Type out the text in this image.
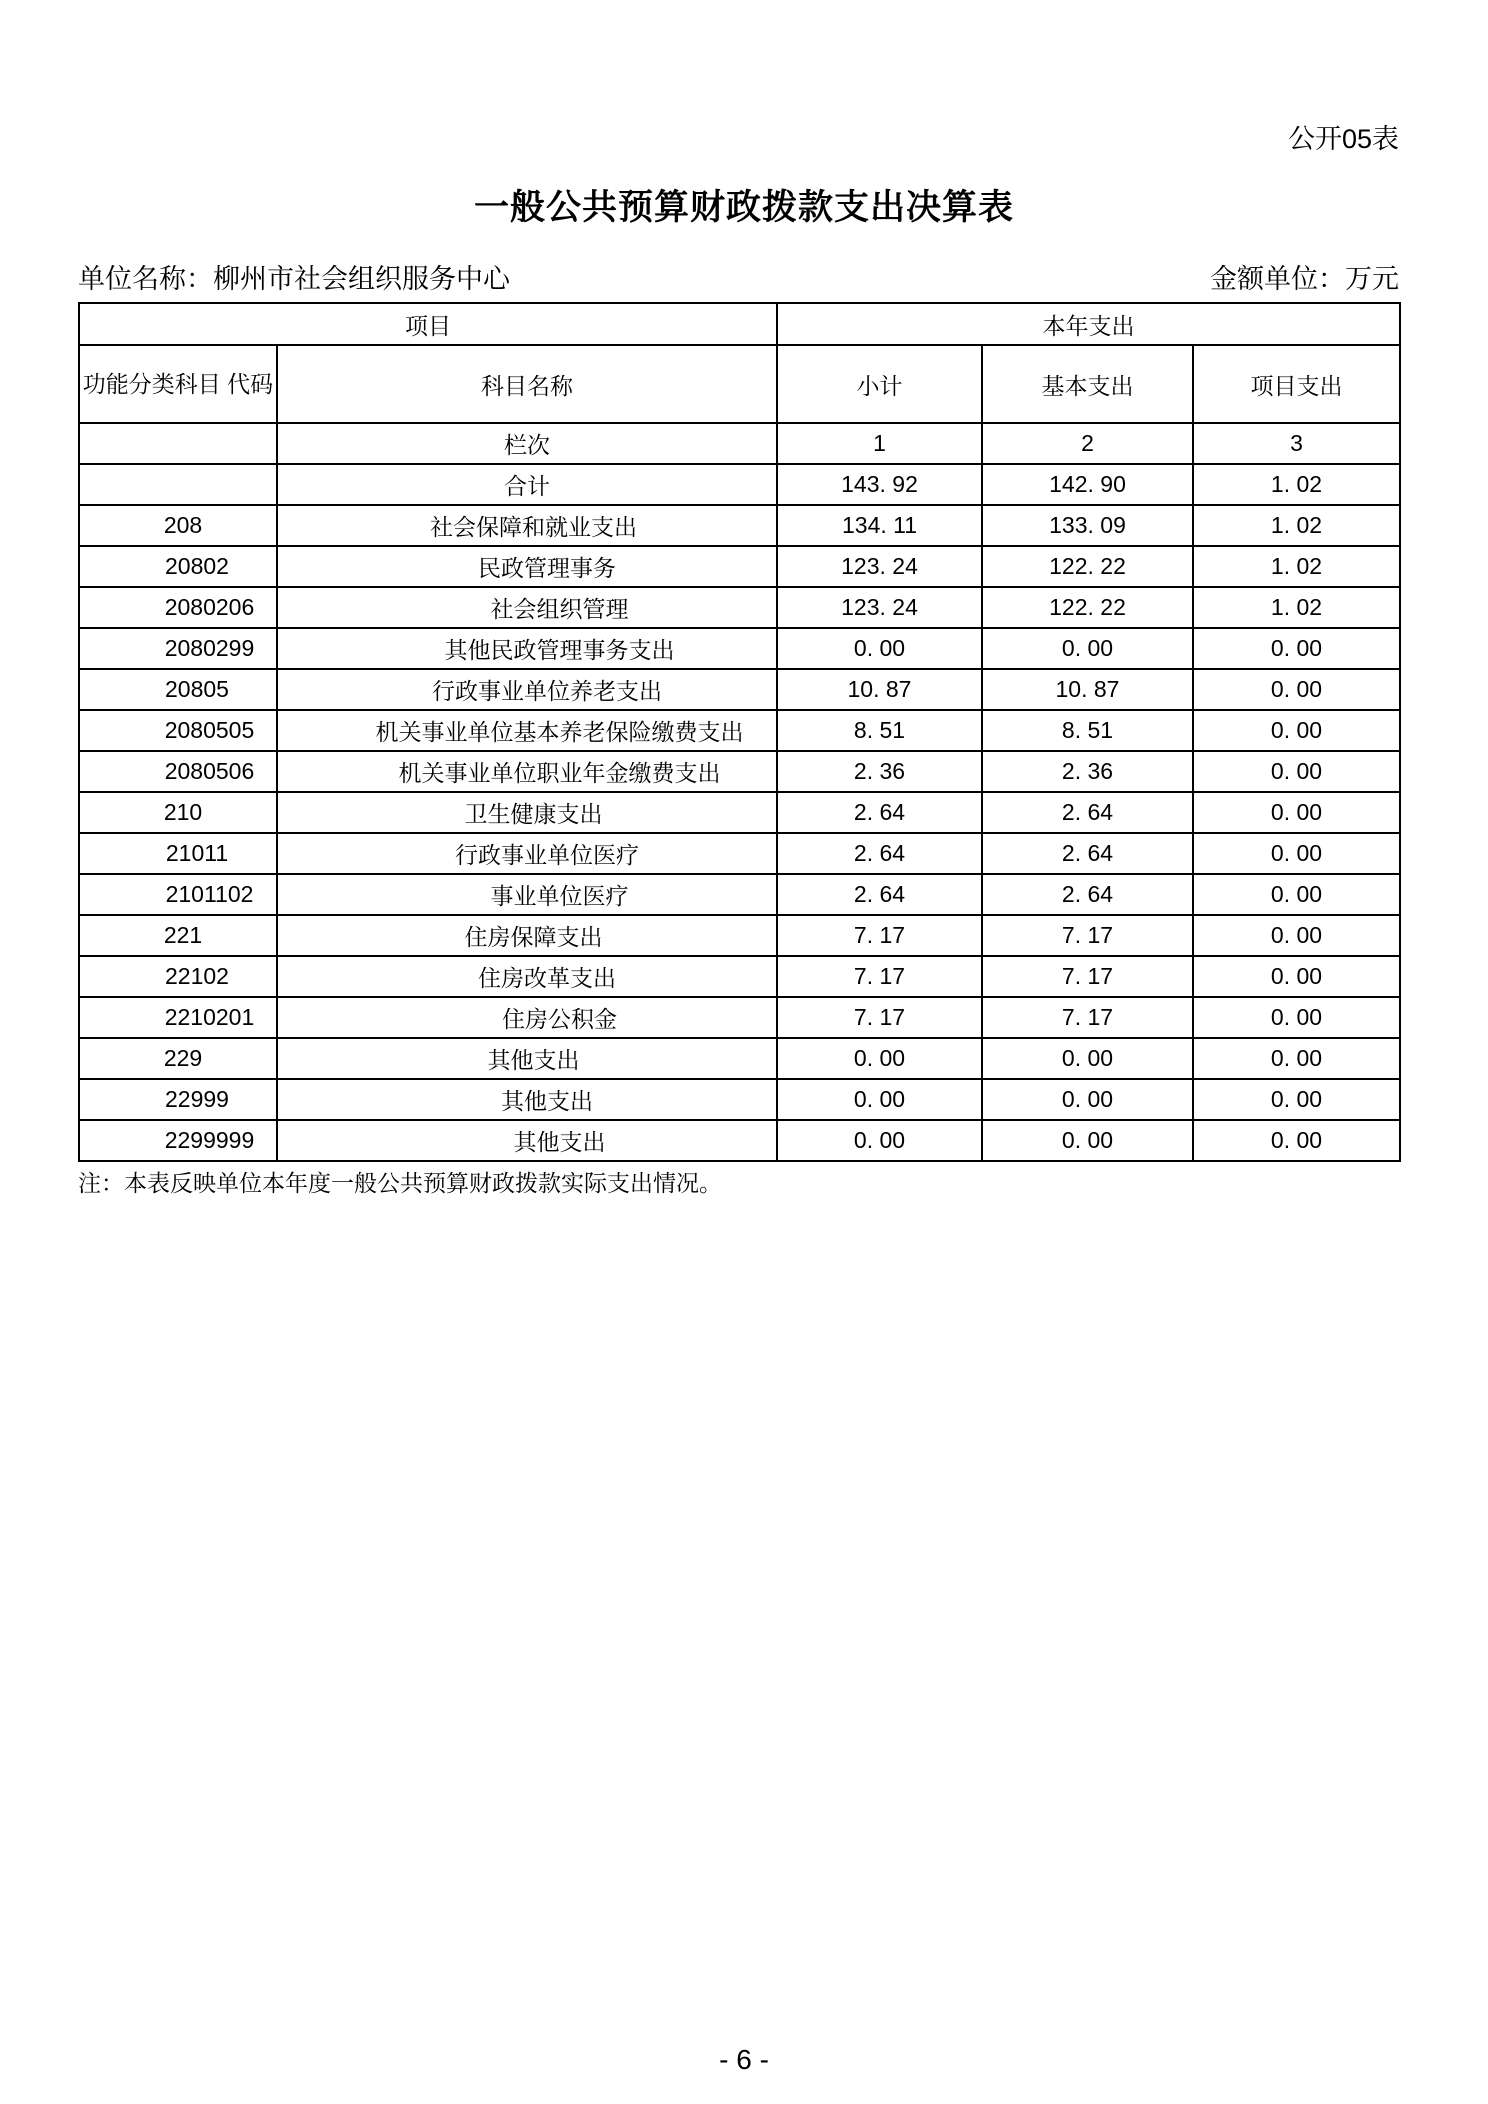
公开05表
一般公共预算财政拨款支出决算表
单位名称：柳州市社会组织服务中心	金额单位：万元
项目		本年支出		
功能分类科目 代码	科目名称	小计	基本支出	项目支出
	栏次	1	2	3
	合计	143. 92	142. 90	1. 02
208	社会保障和就业支出	134. 11	133. 09	1. 02
20802	民政管理事务	123. 24	122. 22	1. 02
2080206	社会组织管理	123. 24	122. 22	1. 02
2080299	其他民政管理事务支出	0. 00	0. 00	0. 00
20805	行政事业单位养老支出	10. 87	10. 87	0. 00
2080505	机关事业单位基本养老保险缴费支出	8. 51	8. 51	0. 00
2080506	机关事业单位职业年金缴费支出	2. 36	2. 36	0. 00
210	卫生健康支出	2. 64	2. 64	0. 00
21011	行政事业单位医疗	2. 64	2. 64	0. 00
2101102	事业单位医疗	2. 64	2. 64	0. 00
221	住房保障支出	7. 17	7. 17	0. 00
22102	住房改革支出	7. 17	7. 17	0. 00
2210201	住房公积金	7. 17	7. 17	0. 00
229	其他支出	0. 00	0. 00	0. 00
22999	其他支出	0. 00	0. 00	0. 00
2299999	其他支出	0. 00	0. 00	0. 00
注：本表反映单位本年度一般公共预算财政拨款实际支出情况。
- 6 -
